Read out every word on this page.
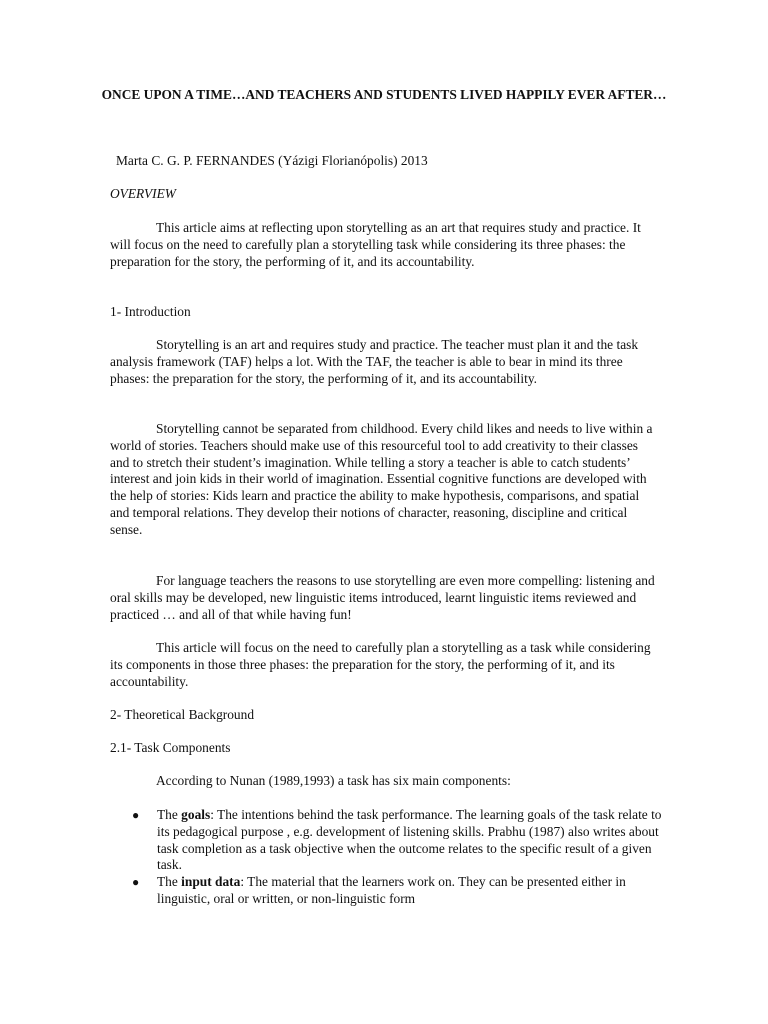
ONCE UPON A TIME…AND TEACHERS AND STUDENTS LIVED HAPPILY EVER AFTER…

Marta C. G. P. FERNANDES (Yázigi Florianópolis) 2013

OVERVIEW

This article aims at reflecting upon storytelling as an art that requires study and practice. It will focus on the need to carefully plan a storytelling task while considering its three phases: the preparation for the story, the performing of it, and its accountability.

1- Introduction

Storytelling is an art and requires study and practice. The teacher must plan it and the task analysis framework (TAF) helps a lot. With the TAF, the teacher is able to bear in mind its three phases: the preparation for the story, the performing of it, and its accountability.

Storytelling cannot be separated from childhood. Every child likes and needs to live within a world of stories. Teachers should make use of this resourceful tool to add creativity to their classes and to stretch their student’s imagination. While telling a story a teacher is able to catch students’ interest and join kids in their world of imagination. Essential cognitive functions are developed with the help of stories: Kids learn and practice the ability to make hypothesis, comparisons, and spatial and temporal relations. They develop their notions of character, reasoning, discipline and critical sense.

For language teachers the reasons to use storytelling are even more compelling: listening and oral skills may be developed, new linguistic items introduced, learnt linguistic items reviewed and practiced … and all of that while having fun!

This article will focus on the need to carefully plan a storytelling as a task while considering its components in those three phases: the preparation for the story, the performing of it, and its accountability.

2- Theoretical Background

2.1- Task Components

According to Nunan (1989,1993) a task has six main components:

● The goals: The intentions behind the task performance. The learning goals of the task relate to its pedagogical purpose , e.g. development of listening skills. Prabhu (1987) also writes about task completion as a task objective when the outcome relates to the specific result of a given task.
● The input data: The material that the learners work on. They can be presented either in linguistic, oral or written, or non-linguistic form
